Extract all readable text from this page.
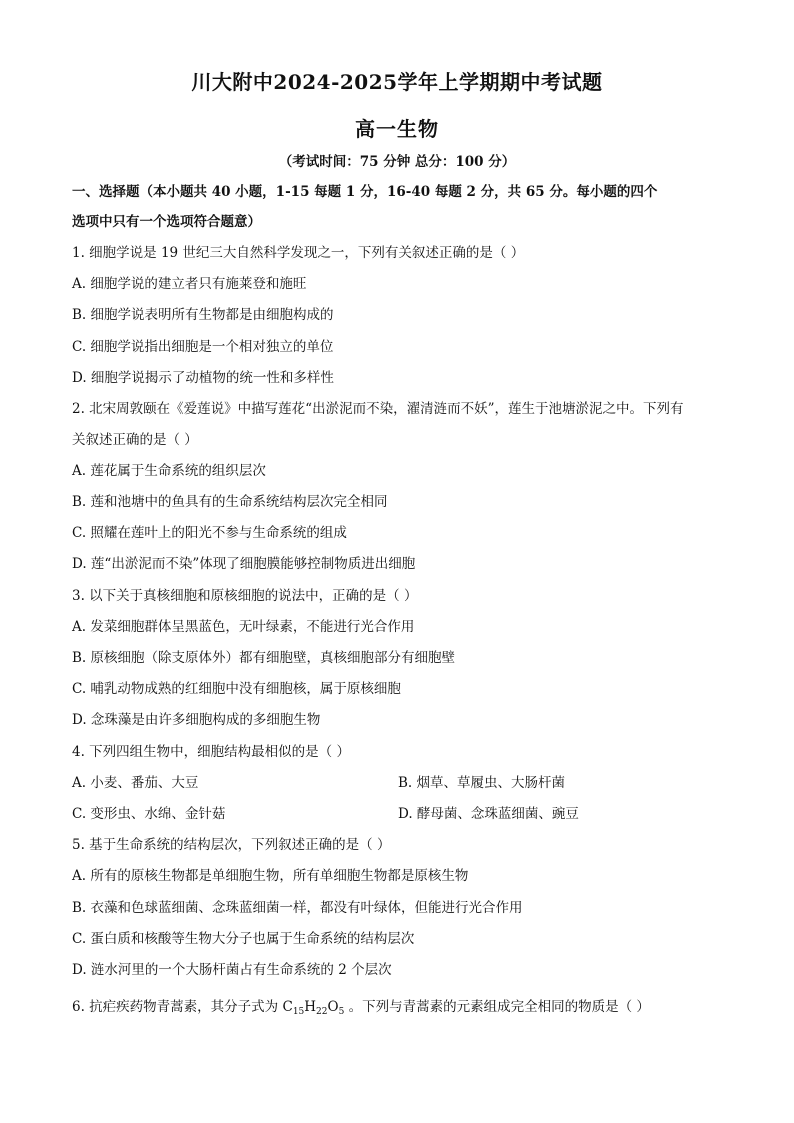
川大附中2024-2025学年上学期期中考试题
高一生物
（考试时间：75 分钟 总分：100 分）
一、选择题（本小题共 40 小题，1-15 每题 1 分，16-40 每题 2 分，共 65 分。每小题的四个
选项中只有一个选项符合题意）
1. 细胞学说是 19 世纪三大自然科学发现之一，下列有关叙述正确的是（ ）
A. 细胞学说的建立者只有施莱登和施旺
B. 细胞学说表明所有生物都是由细胞构成的
C. 细胞学说指出细胞是一个相对独立的单位
D. 细胞学说揭示了动植物的统一性和多样性
2. 北宋周敦颐在《爱莲说》中描写莲花“出淤泥而不染，濯清涟而不妖”，莲生于池塘淤泥之中。下列有
关叙述正确的是（ ）
A. 莲花属于生命系统的组织层次
B. 莲和池塘中的鱼具有的生命系统结构层次完全相同
C. 照耀在莲叶上的阳光不参与生命系统的组成
D. 莲“出淤泥而不染”体现了细胞膜能够控制物质进出细胞
3. 以下关于真核细胞和原核细胞的说法中，正确的是（ ）
A. 发菜细胞群体呈黑蓝色，无叶绿素，不能进行光合作用
B. 原核细胞（除支原体外）都有细胞壁，真核细胞部分有细胞壁
C. 哺乳动物成熟的红细胞中没有细胞核，属于原核细胞
D. 念珠藻是由许多细胞构成的多细胞生物
4. 下列四组生物中，细胞结构最相似的是（ ）
A. 小麦、番茄、大豆	B. 烟草、草履虫、大肠杆菌
C. 变形虫、水绵、金针菇	D. 酵母菌、念珠蓝细菌、豌豆
5. 基于生命系统的结构层次，下列叙述正确的是（ ）
A. 所有的原核生物都是单细胞生物，所有单细胞生物都是原核生物
B. 衣藻和色球蓝细菌、念珠蓝细菌一样，都没有叶绿体，但能进行光合作用
C. 蛋白质和核酸等生物大分子也属于生命系统的结构层次
D. 涟水河里的一个大肠杆菌占有生命系统的 2 个层次
6. 抗疟疾药物青蒿素，其分子式为 $C_{15}H_{22}O_5$ 。下列与青蒿素的元素组成完全相同的物质是（ ）
